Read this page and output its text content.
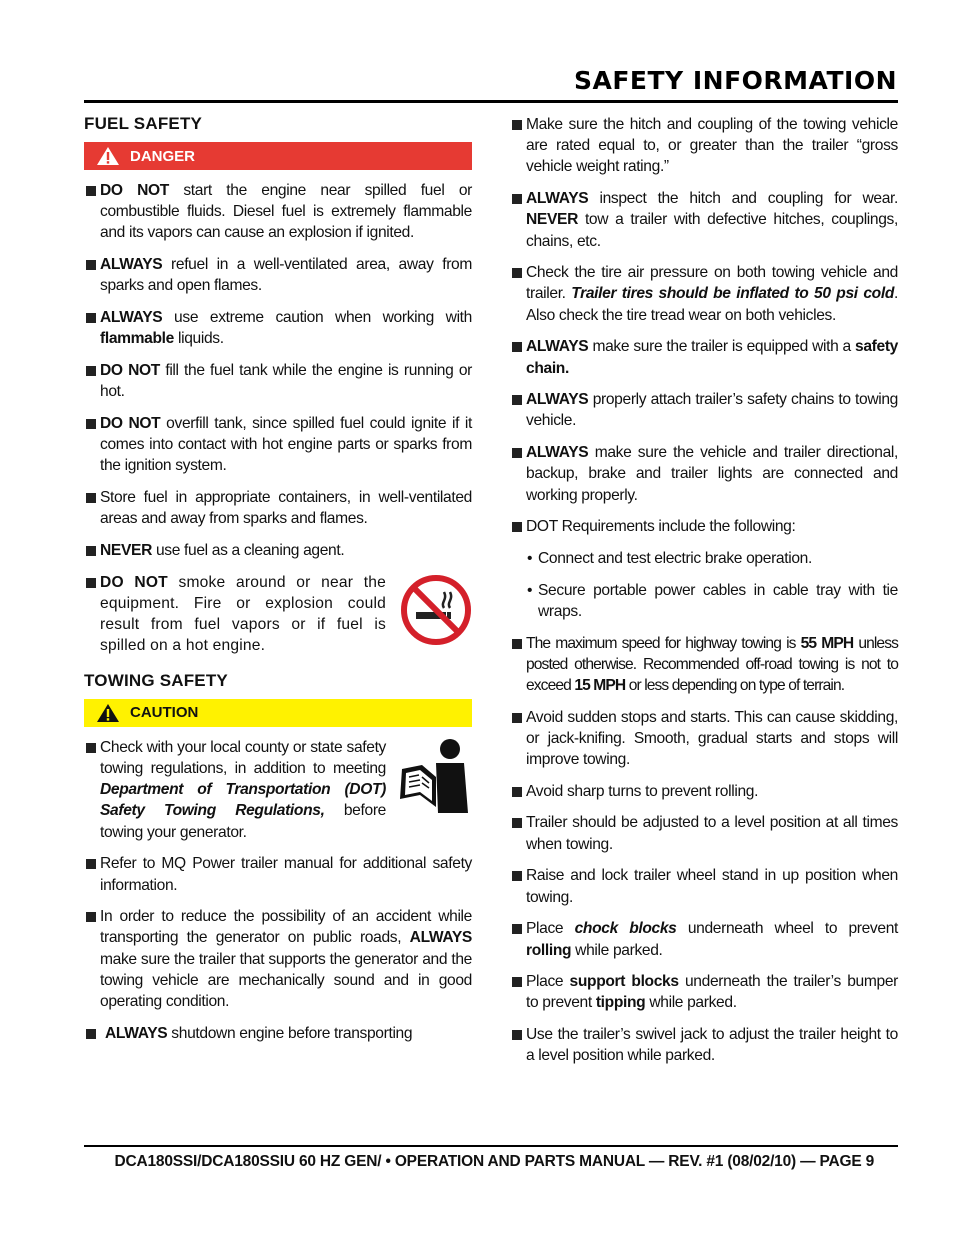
SAFETY INFORMATION
FUEL SAFETY
DANGER
DO NOT start the engine near spilled fuel or combustible fluids. Diesel fuel is extremely flammable and its vapors can cause an explosion if ignited.
ALWAYS refuel in a well-ventilated area, away from sparks and open flames.
ALWAYS use extreme caution when working with flammable liquids.
DO NOT fill the fuel tank while the engine is running or hot.
DO NOT overfill tank, since spilled fuel could ignite if it comes into contact with hot engine parts or sparks from the ignition system.
Store fuel in appropriate containers, in well-ventilated areas and away from sparks and flames.
NEVER use fuel as a cleaning agent.
DO NOT smoke around or near the equipment. Fire or explosion could result from fuel vapors or if fuel is spilled on a hot engine.
TOWING SAFETY
CAUTION
Check with your local county or state safety towing regulations, in addition to meeting Department of Transportation (DOT) Safety Towing Regulations, before towing your generator.
Refer to MQ Power trailer manual for additional safety information.
In order to reduce the possibility of an accident while transporting the generator on public roads, ALWAYS make sure the trailer that supports the generator and the towing vehicle are mechanically sound and in good operating condition.
ALWAYS shutdown engine before transporting
Make sure the hitch and coupling of the towing vehicle are rated equal to, or greater than the trailer “gross vehicle weight rating.”
ALWAYS inspect the hitch and coupling for wear. NEVER tow a trailer with defective hitches, couplings, chains, etc.
Check the tire air pressure on both towing vehicle and trailer. Trailer tires should be inflated to 50 psi cold. Also check the tire tread wear on both vehicles.
ALWAYS make sure the trailer is equipped with a safety chain.
ALWAYS properly attach trailer’s safety chains to towing vehicle.
ALWAYS make sure the vehicle and trailer directional, backup, brake and trailer lights are connected and working properly.
DOT Requirements include the following:
• Connect and test electric brake operation.
• Secure portable power cables in cable tray with tie wraps.
The maximum speed for highway towing is 55 MPH unless posted otherwise. Recommended off-road towing is not to exceed 15 MPH or less depending on type of terrain.
Avoid sudden stops and starts. This can cause skidding, or jack-knifing. Smooth, gradual starts and stops will improve towing.
Avoid sharp turns to prevent rolling.
Trailer should be adjusted to a level position at all times when towing.
Raise and lock trailer wheel stand in up position when towing.
Place chock blocks underneath wheel to prevent rolling while parked.
Place support blocks underneath the trailer’s bumper to prevent tipping while parked.
Use the trailer’s swivel jack to adjust the trailer height to a level position while parked.
DCA180SSI/DCA180SSIU 60 HZ GEN/ • OPERATION AND PARTS MANUAL — REV. #1 (08/02/10) — PAGE 9
